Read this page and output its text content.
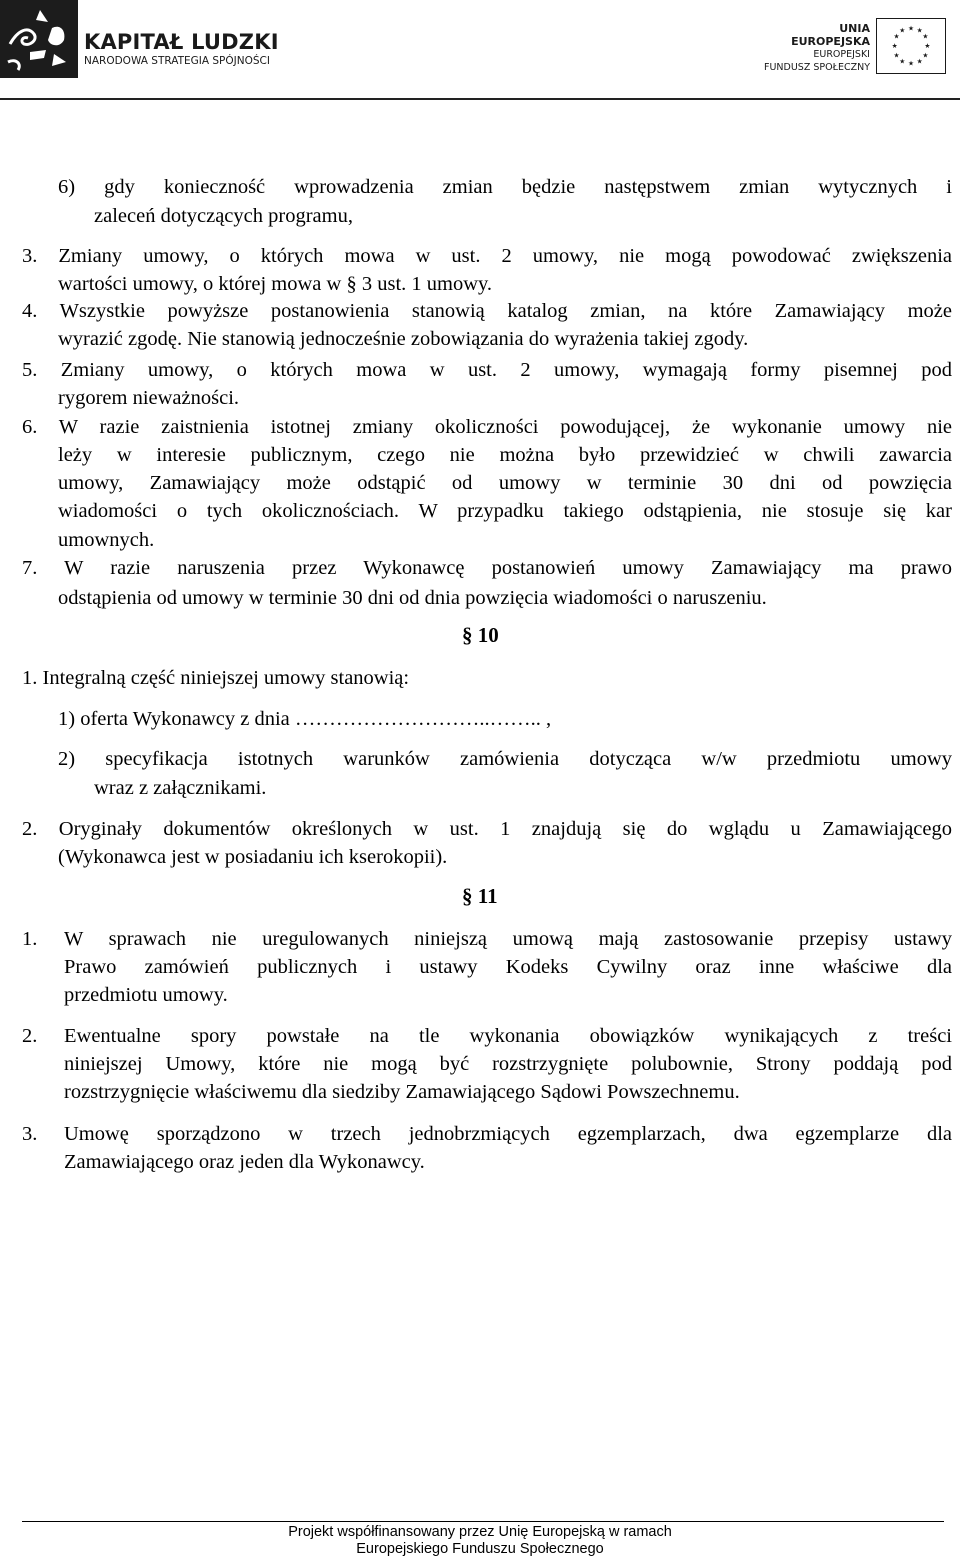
KAPITAŁ LUDZKI
NARODOWA STRATEGIA SPÓJNOŚCI
UNIA EUROPEJSKA
EUROPEJSKI
FUNDUSZ SPOŁECZNY
★ ★
★
★
★
★
★
★
★
★
★
★
6) gdy konieczność wprowadzenia zmian będzie następstwem zmian wytycznych i
zaleceń dotyczących programu,
3. Zmiany umowy, o których mowa w ust. 2 umowy, nie mogą powodować zwiększenia
wartości umowy, o której mowa w § 3 ust. 1 umowy.
4. Wszystkie powyższe postanowienia stanowią katalog zmian, na które Zamawiający może
wyrazić zgodę. Nie stanowią jednocześnie zobowiązania do wyrażenia takiej zgody.
5. Zmiany umowy, o których mowa w ust. 2 umowy, wymagają formy pisemnej pod
rygorem nieważności.
6. W razie zaistnienia istotnej zmiany okoliczności powodującej, że wykonanie umowy nie
leży w interesie publicznym, czego nie można było przewidzieć w chwili zawarcia
umowy, Zamawiający może odstąpić od umowy w terminie 30 dni od powzięcia
wiadomości o tych okolicznościach. W przypadku takiego odstąpienia, nie stosuje się kar
umownych.
7. W razie naruszenia przez Wykonawcę postanowień umowy Zamawiający ma prawo
odstąpienia od umowy w terminie 30 dni od dnia powzięcia wiadomości o naruszeniu.
§ 10
1. Integralną część niniejszej umowy stanowią:
1) oferta Wykonawcy z dnia ………………………..…….. ,
2) specyfikacja istotnych warunków zamówienia dotycząca w/w przedmiotu umowy
wraz z załącznikami.
2. Oryginały dokumentów określonych w ust. 1 znajdują się do wglądu u Zamawiającego
(Wykonawca jest w posiadaniu ich kserokopii).
§ 11
1. W sprawach nie uregulowanych niniejszą umową mają zastosowanie przepisy ustawy
Prawo zamówień publicznych i ustawy Kodeks Cywilny oraz inne właściwe dla
przedmiotu umowy.
2. Ewentualne spory powstałe na tle wykonania obowiązków wynikających z treści
niniejszej Umowy, które nie mogą być rozstrzygnięte polubownie, Strony poddają pod
rozstrzygnięcie właściwemu dla siedziby Zamawiającego Sądowi Powszechnemu.
3. Umowę sporządzono w trzech jednobrzmiących egzemplarzach, dwa egzemplarze dla
Zamawiającego oraz jeden dla Wykonawcy.
Projekt współfinansowany przez Unię Europejską w ramach
Europejskiego Funduszu Społecznego
